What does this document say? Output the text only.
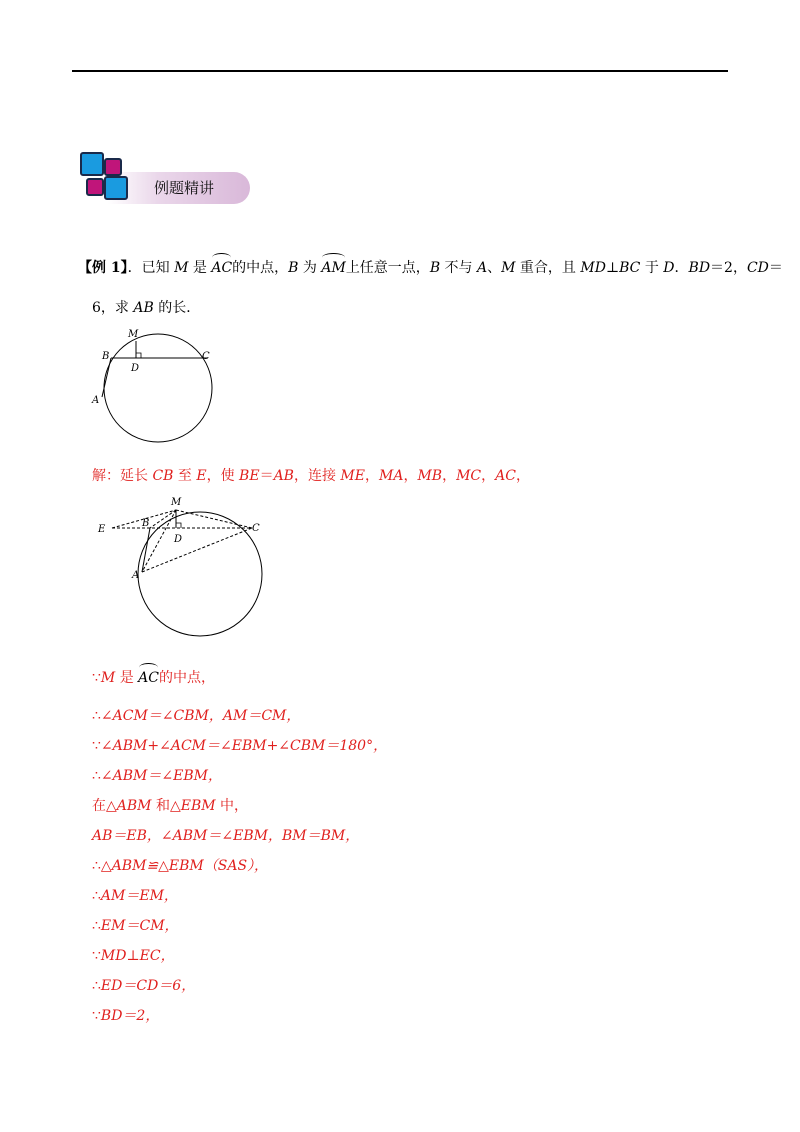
例题精讲
【例 1】．已知 M 是 AC的中点，B 为 AM上任意一点，B 不与 A、M 重合，且 MD⊥BC 于 D．BD＝2，CD＝
6，求 AB 的长．
M
B
D
C
A
解：延长 CB 至 E，使 BE＝AB，连接 ME，MA，MB，MC，AC，
M
E
B
D
C
A
∵M 是 AC的中点，
∴∠ACM＝∠CBM，AM＝CM，
∵∠ABM+∠ACM＝∠EBM+∠CBM＝180°，
∴∠ABM＝∠EBM，
在△ABM 和△EBM 中，
AB＝EB，∠ABM＝∠EBM，BM＝BM，
∴△ABM≌△EBM（SAS），
∴AM＝EM，
∴EM＝CM，
∵MD⊥EC，
∴ED＝CD＝6，
∵BD＝2，
